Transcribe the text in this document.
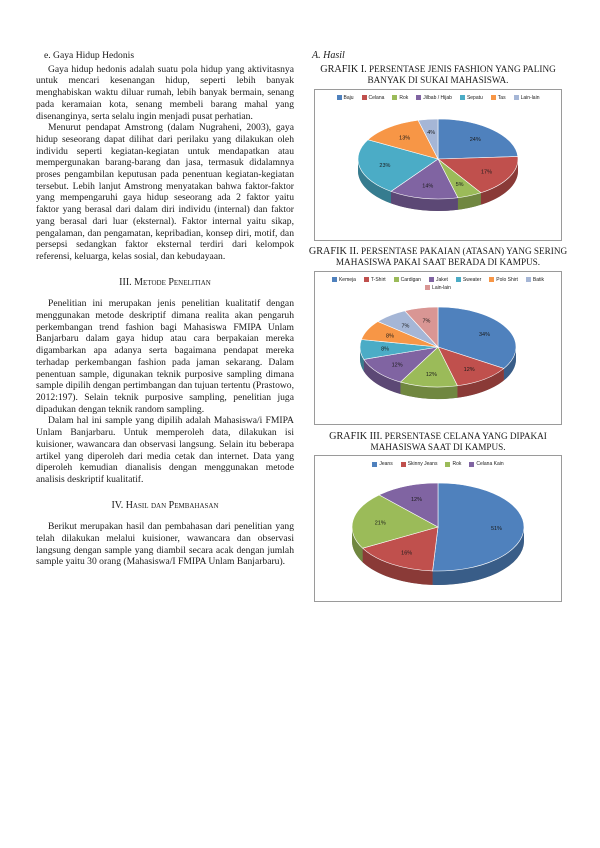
e. Gaya Hidup Hedonis

Gaya hidup hedonis adalah suatu pola hidup yang aktivitasnya untuk mencari kesenangan hidup, seperti lebih banyak menghabiskan waktu diluar rumah, lebih banyak bermain, senang pada keramaian kota, senang membeli barang mahal yang disenanginya, serta selalu ingin menjadi pusat perhatian.

Menurut pendapat Amstrong (dalam Nugraheni, 2003), gaya hidup seseorang dapat dilihat dari perilaku yang dilakukan oleh individu seperti kegiatan-kegiatan untuk mendapatkan atau mempergunakan barang-barang dan jasa, termasuk didalamnya proses pengambilan keputusan pada penentuan kegiatan-kegiatan tersebut. Lebih lanjut Amstrong menyatakan bahwa faktor-faktor yang mempengaruhi gaya hidup seseorang ada 2 faktor yaitu faktor yang berasal dari dalam diri individu (internal) dan faktor yang berasal dari luar (eksternal). Faktor internal yaitu sikap, pengalaman, dan pengamatan, kepribadian, konsep diri, motif, dan persepsi sedangkan faktor eksternal terdiri dari kelompok referensi, keluarga, kelas sosial, dan kebudayaan.

III. Metode Penelitian

Penelitian ini merupakan jenis penelitian kualitatif dengan menggunakan metode deskriptif dimana realita akan pengaruh perkembangan trend fashion bagi Mahasiswa FMIPA Unlam Banjarbaru dalam gaya hidup atau cara berpakaian mereka digambarkan apa adanya serta bagaimana pendapat mereka terhadap perkembangan fashion pada jaman sekarang. Dalam penentuan sample, digunakan teknik purposive sampling dimana sample dipilih dengan pertimbangan dan tujuan tertentu (Prastowo, 2012:197). Selain teknik purposive sampling, penelitian juga dipadukan dengan teknik random sampling.

Dalam hal ini sample yang dipilih adalah Mahasiswa/i FMIPA Unlam Banjarbaru. Untuk memperoleh data, dilakukan isi kuisioner, wawancara dan observasi langsung. Selain itu beberapa artikel yang diperoleh dari media cetak dan internet. Data yang diperoleh kemudian dianalisis dengan menggunakan metode analisis deskriptif kualitatif.

IV. Hasil dan Pembahasan

Berikut merupakan hasil dan pembahasan dari penelitian yang telah dilakukan melalui kuisioner, wawancara dan observasi langsung dengan sample yang diambil secara acak dengan jumlah sample yaitu 30 orang (Mahasiswa/I FMIPA Unlam Banjarbaru).

A. Hasil
GRAFIK I. PERSENTASE JENIS FASHION YANG PALING BANYAK DI SUKAI MAHASISWA.
Baju	Celana	Rok	Jilbab / Hijab	Sepatu	Tas	Lain-lain
24%
17%
5%
14%
23%
13%
4%
GRAFIK II. PERSENTASE PAKAIAN (ATASAN) YANG SERING MAHASISWA PAKAI SAAT BERADA DI KAMPUS.
Kemeja	T-Shirt	Cardigan	Jaket	Sweater	Polo Shirt	Batik
Lain-lain
34%
12%
12%
12%
8%
8%
7%
7%
GRAFIK III. PERSENTASE CELANA YANG DIPAKAI MAHASISWA SAAT DI KAMPUS.
Jeans	Skinny Jeans	Rok	Celana Kain
51%
16%
21%
12%
